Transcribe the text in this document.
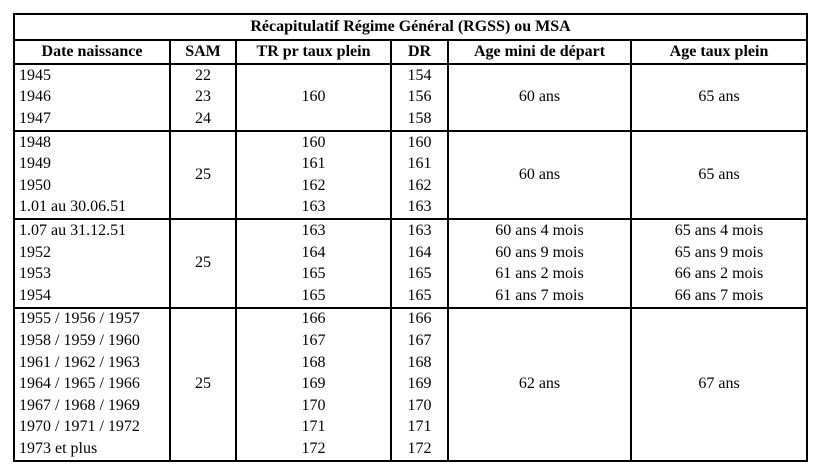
Récapitulatif Régime Général (RGSS) ou MSA					
Date naissance	SAM	TR pr taux plein	DR	Age mini de départ	Age taux plein
1945	22	160	154	60 ans	65 ans
1946	23		156		
1947	24		158		
1948	25	160	160	60 ans	65 ans
1949		161	161		
1950		162	162		
1.01 au 30.06.51		163	163		
1.07 au 31.12.51	25	163	163	60 ans 4 mois	65 ans 4 mois
1952		164	164	60 ans 9 mois	65 ans 9 mois
1953		165	165	61 ans 2 mois	66 ans 2 mois
1954		165	165	61 ans 7 mois	66 ans 7 mois
1955 / 1956 / 1957	25	166	166	62 ans	67 ans
1958 / 1959 / 1960		167	167		
1961 / 1962 / 1963		168	168		
1964 / 1965 / 1966		169	169		
1967 / 1968 / 1969		170	170		
1970 / 1971 / 1972		171	171		
1973 et plus		172	172		
